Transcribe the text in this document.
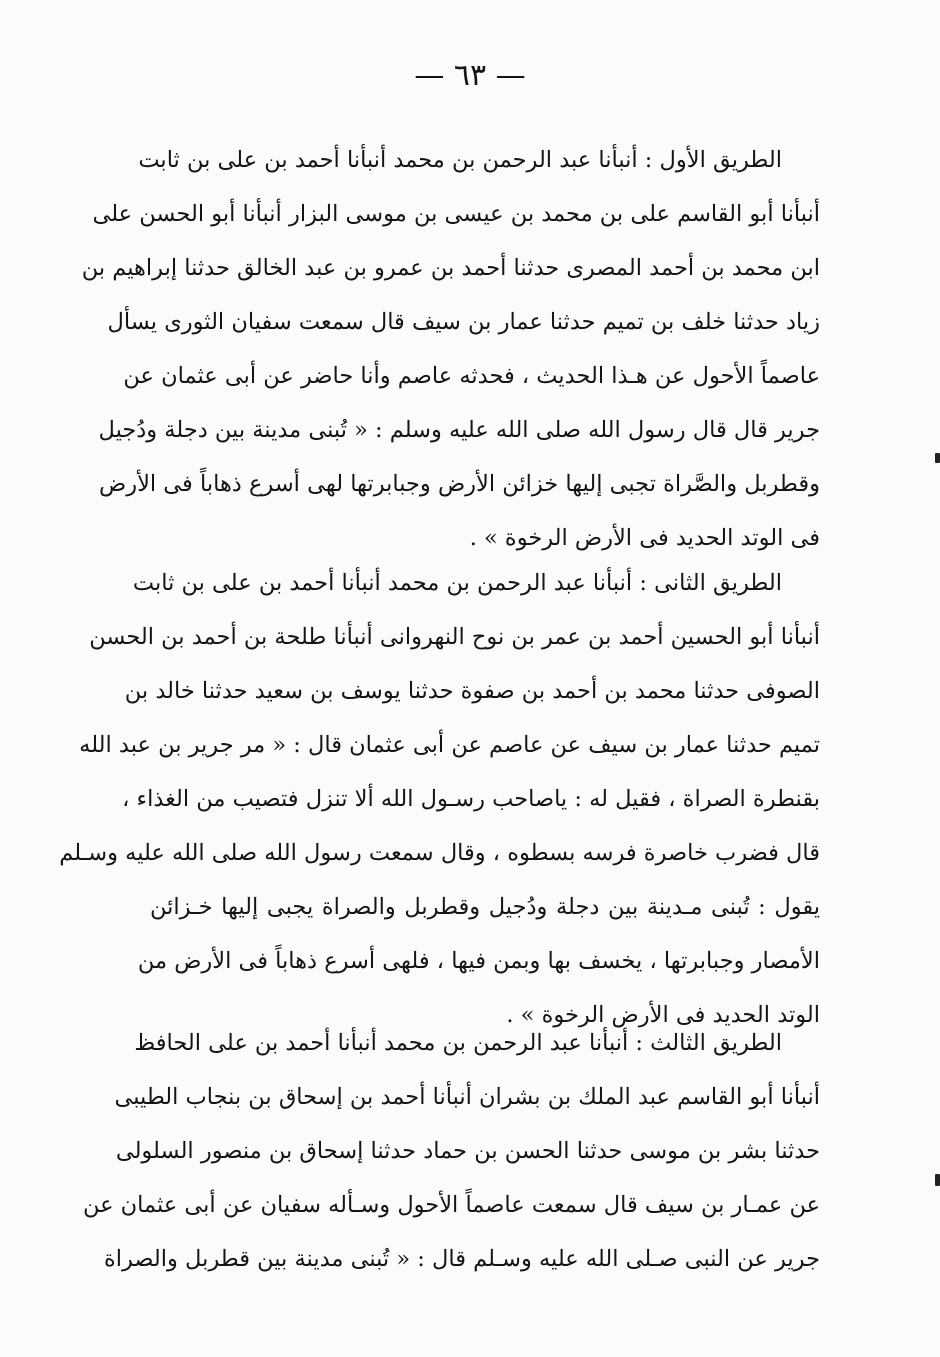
— ٦٣ —
الطريق الأول : أنبأنا عبد الرحمن بن محمد أنبأنا أحمد بن على بن ثابت
أنبأنا أبو القاسم على بن محمد بن عيسى بن موسى البزار أنبأنا أبو الحسن على
ابن محمد بن أحمد المصرى حدثنا أحمد بن عمرو بن عبد الخالق حدثنا إبراهيم بن
زياد حدثنا خلف بن تميم حدثنا عمار بن سيف قال سمعت سفيان الثورى يسأل
عاصماً الأحول عن هـذا الحديث ، فحدثه عاصم وأنا حاضر عن أبى عثمان عن
جرير قال قال رسول الله صلى الله عليه وسلم : « تُبنى مدينة بين دجلة ودُجيل
وقطربل والصَّراة تجبى إليها خزائن الأرض وجبابرتها لهى أسرع ذهاباً فى الأرض
فى الوتد الحديد فى الأرض الرخوة » .
الطريق الثانى : أنبأنا عبد الرحمن بن محمد أنبأنا أحمد بن على بن ثابت
أنبأنا أبو الحسين أحمد بن عمر بن نوح النهروانى أنبأنا طلحة بن أحمد بن الحسن
الصوفى حدثنا محمد بن أحمد بن صفوة حدثنا يوسف بن سعيد حدثنا خالد بن
تميم حدثنا عمار بن سيف عن عاصم عن أبى عثمان قال : « مر جرير بن عبد الله
بقنطرة الصراة ، فقيل له : ياصاحب رسـول الله ألا تنزل فتصيب من الغذاء ،
قال فضرب خاصرة فرسه بسطوه ، وقال سمعت رسول الله صلى الله عليه وسـلم
يقول : تُبنى مـدينة بين دجلة ودُجيل وقطربل والصراة يجبى إليها خـزائن
الأمصار وجبابرتها ، يخسف بها وبمن فيها ، فلهى أسرع ذهاباً فى الأرض من
الوتد الحديد فى الأرض الرخوة » .
الطريق الثالث : أنبأنا عبد الرحمن بن محمد أنبأنا أحمد بن على الحافظ
أنبأنا أبو القاسم عبد الملك بن بشران أنبأنا أحمد بن إسحاق بن بنجاب الطيبى
حدثنا بشر بن موسى حدثنا الحسن بن حماد حدثنا إسحاق بن منصور السلولى
عن عمـار بن سيف قال سمعت عاصماً الأحول وسـأله سفيان عن أبى عثمان عن
جرير عن النبى صـلى الله عليه وسـلم قال : « تُبنى مدينة بين قطربل والصراة
